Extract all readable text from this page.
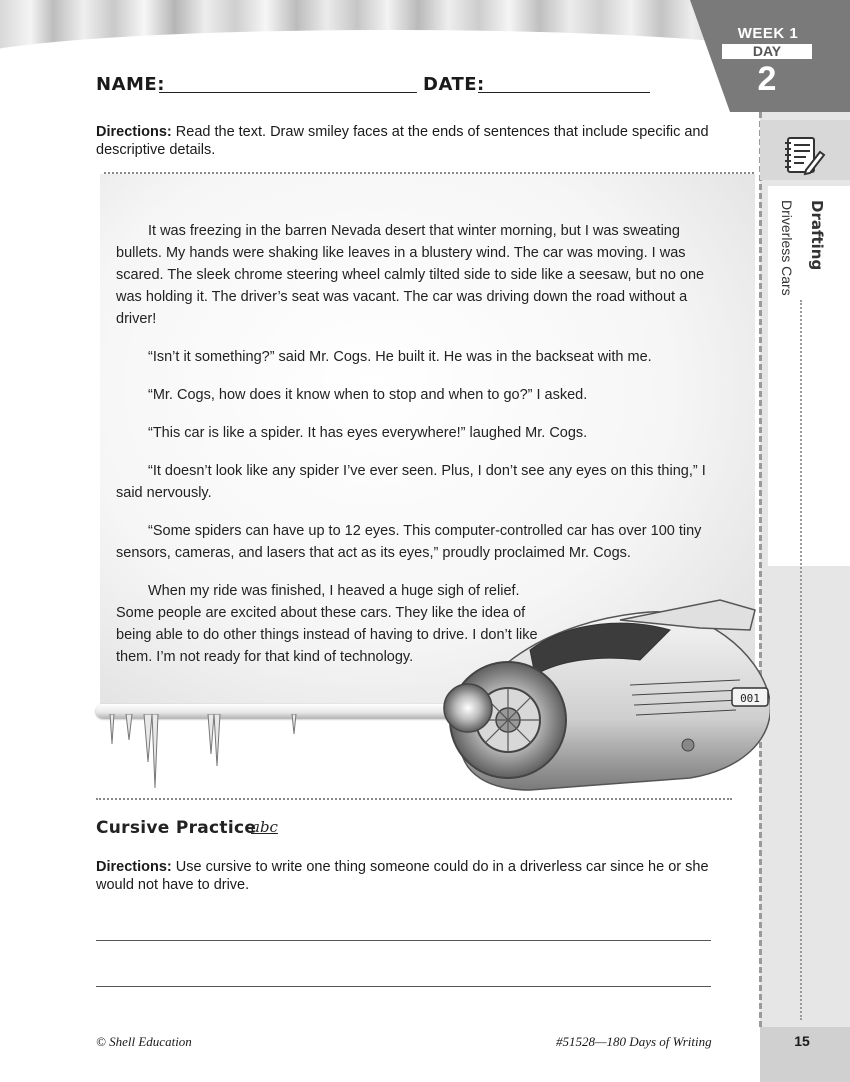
WEEK 1
DAY
2
Drafting
Driverless Cars
NAME:	DATE:
Directions: Read the text. Draw smiley faces at the ends of sentences that include specific and descriptive details.

It was freezing in the barren Nevada desert that winter morning, but I was sweating bullets. My hands were shaking like leaves in a blustery wind. The car was moving. I was scared. The sleek chrome steering wheel calmly tilted side to side like a seesaw, but no one was holding it. The driver’s seat was vacant. The car was driving down the road without a driver!

“Isn’t it something?” said Mr. Cogs. He built it. He was in the backseat with me.

“Mr. Cogs, how does it know when to stop and when to go?” I asked.

“This car is like a spider. It has eyes everywhere!” laughed Mr. Cogs.

“It doesn’t look like any spider I’ve ever seen. Plus, I don’t see any eyes on this thing,” I said nervously.

“Some spiders can have up to 12 eyes. This computer-controlled car has over 100 tiny sensors, cameras, and lasers that act as its eyes,” proudly proclaimed Mr. Cogs.

When my ride was finished, I heaved a huge sigh of relief. Some people are excited about these cars. They like the idea of being able to do other things instead of having to drive. I don’t like them. I’m not ready for that kind of technology.

001
Cursive Practice
abc
Directions: Use cursive to write one thing someone could do in a driverless car since he or she would not have to drive.
© Shell Education	#51528—180 Days of Writing	15
